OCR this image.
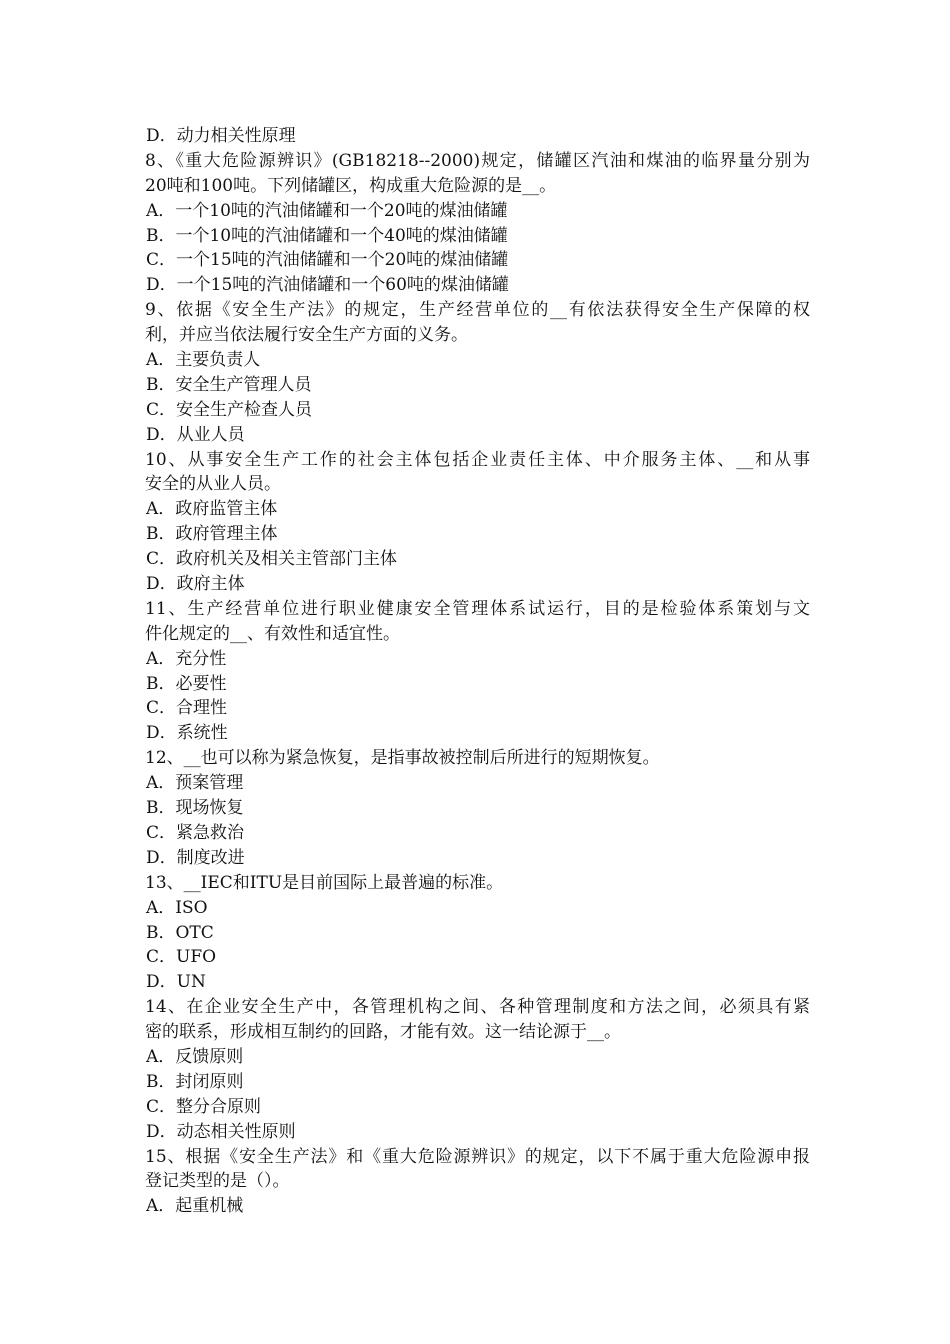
D．动力相关性原理
8、《重大危险源辨识》(GB18218--2000)规定，储罐区汽油和煤油的临界量分别为
20吨和100吨。下列储罐区，构成重大危险源的是__。
A．一个10吨的汽油储罐和一个20吨的煤油储罐
B．一个10吨的汽油储罐和一个40吨的煤油储罐
C．一个15吨的汽油储罐和一个20吨的煤油储罐
D．一个15吨的汽油储罐和一个60吨的煤油储罐
9、依据《安全生产法》的规定，生产经营单位的__有依法获得安全生产保障的权
利，并应当依法履行安全生产方面的义务。
A．主要负责人
B．安全生产管理人员
C．安全生产检查人员
D．从业人员
10、从事安全生产工作的社会主体包括企业责任主体、中介服务主体、__和从事
安全的从业人员。
A．政府监管主体
B．政府管理主体
C．政府机关及相关主管部门主体
D．政府主体
11、生产经营单位进行职业健康安全管理体系试运行，目的是检验体系策划与文
件化规定的__、有效性和适宜性。
A．充分性
B．必要性
C．合理性
D．系统性
12、__也可以称为紧急恢复，是指事故被控制后所进行的短期恢复。
A．预案管理
B．现场恢复
C．紧急救治
D．制度改进
13、__IEC和ITU是目前国际上最普遍的标准。
A．ISO
B．OTC
C．UFO
D．UN
14、在企业安全生产中，各管理机构之间、各种管理制度和方法之间，必须具有紧
密的联系，形成相互制约的回路，才能有效。这一结论源于__。
A．反馈原则
B．封闭原则
C．整分合原则
D．动态相关性原则
15、根据《安全生产法》和《重大危险源辨识》的规定，以下不属于重大危险源申报
登记类型的是（）。
A．起重机械
